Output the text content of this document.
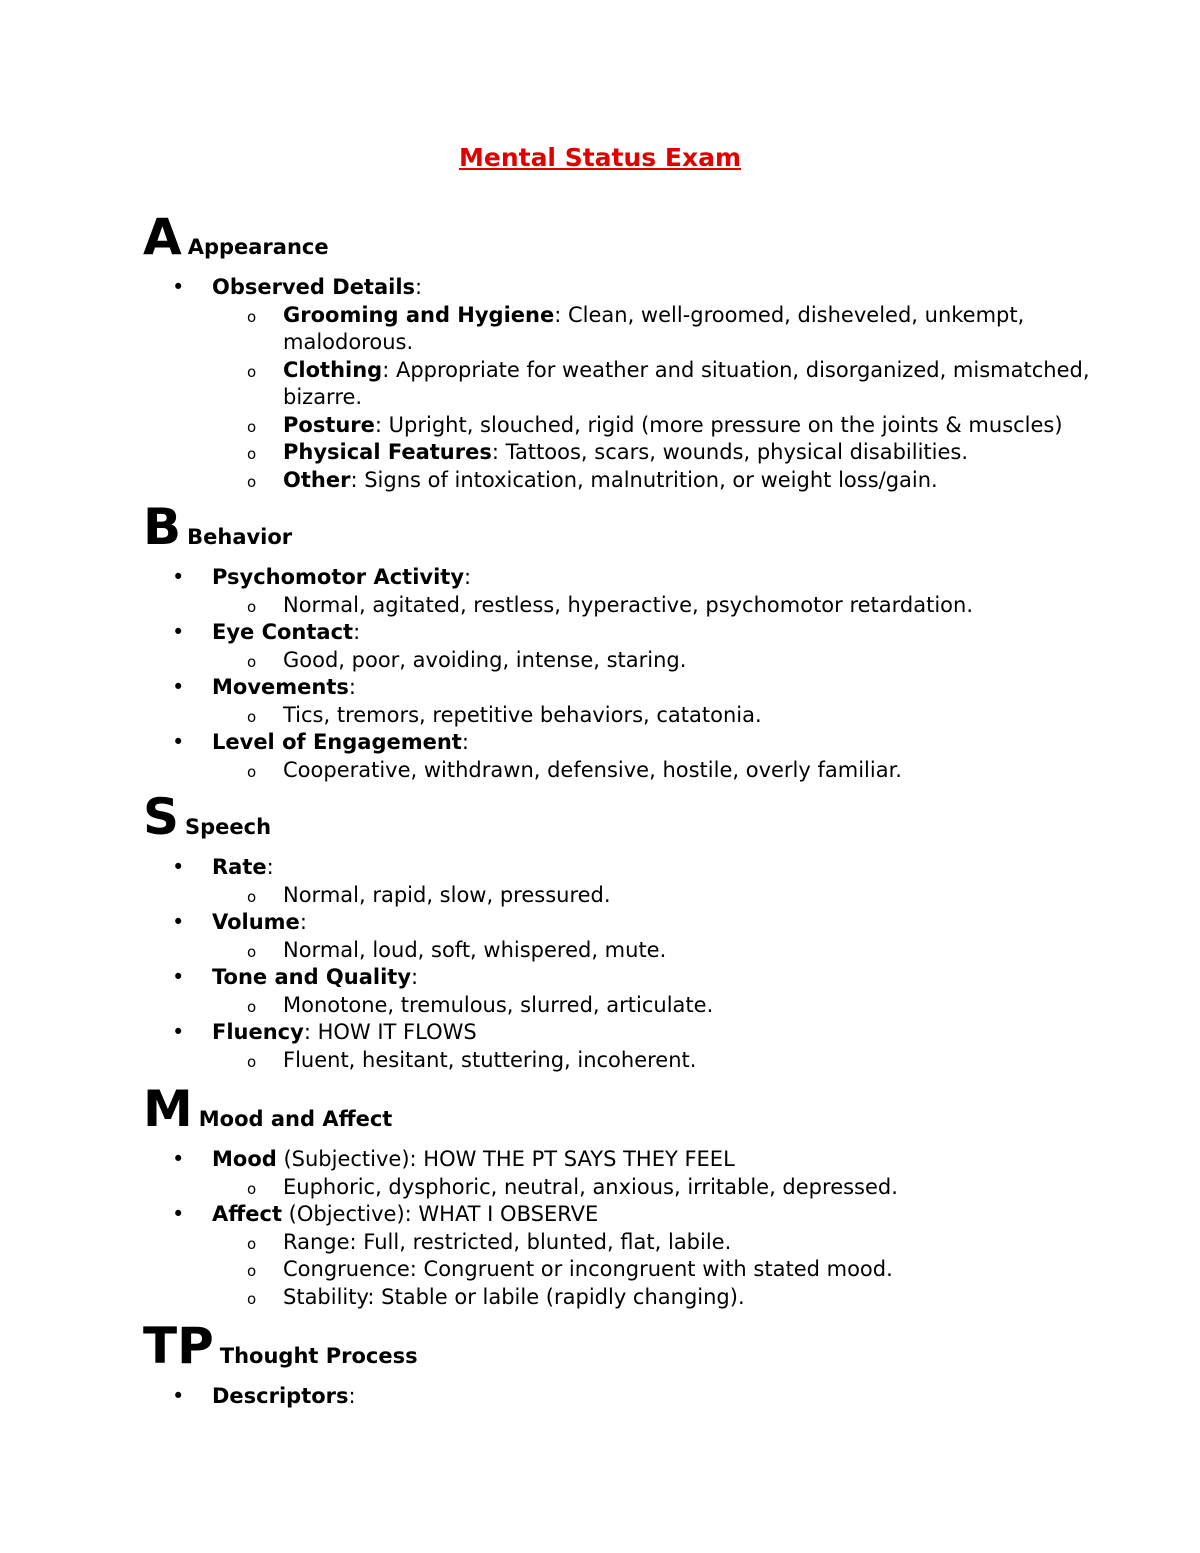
Mental Status Exam
A Appearance
• Observed Details:
o Grooming and Hygiene: Clean, well-groomed, disheveled, unkempt, malodorous.
o Clothing: Appropriate for weather and situation, disorganized, mismatched, bizarre.
o Posture: Upright, slouched, rigid (more pressure on the joints & muscles)
o Physical Features: Tattoos, scars, wounds, physical disabilities.
o Other: Signs of intoxication, malnutrition, or weight loss/gain.
B Behavior
• Psychomotor Activity:
o Normal, agitated, restless, hyperactive, psychomotor retardation.
• Eye Contact:
o Good, poor, avoiding, intense, staring.
• Movements:
o Tics, tremors, repetitive behaviors, catatonia.
• Level of Engagement:
o Cooperative, withdrawn, defensive, hostile, overly familiar.
S Speech
• Rate:
o Normal, rapid, slow, pressured.
• Volume:
o Normal, loud, soft, whispered, mute.
• Tone and Quality:
o Monotone, tremulous, slurred, articulate.
• Fluency: HOW IT FLOWS
o Fluent, hesitant, stuttering, incoherent.
M Mood and Affect
• Mood (Subjective): HOW THE PT SAYS THEY FEEL
o Euphoric, dysphoric, neutral, anxious, irritable, depressed.
• Affect (Objective): WHAT I OBSERVE
o Range: Full, restricted, blunted, flat, labile.
o Congruence: Congruent or incongruent with stated mood.
o Stability: Stable or labile (rapidly changing).
TP Thought Process
• Descriptors:
